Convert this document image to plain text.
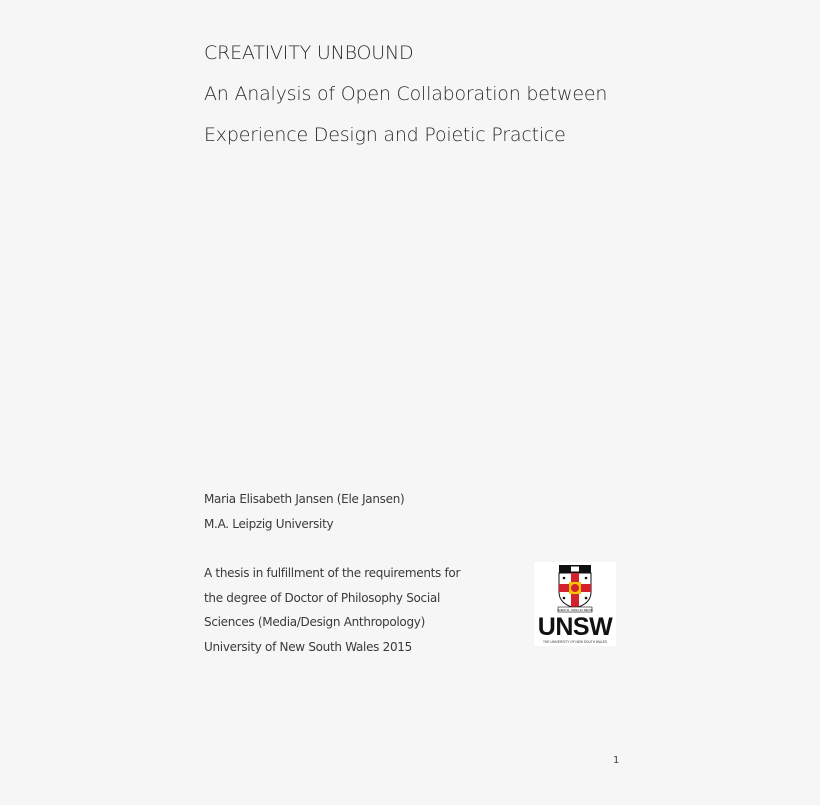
CREATIVITY UNBOUND
An Analysis of Open Collaboration between
Experience Design and Poietic Practice
Maria Elisabeth Jansen (Ele Jansen)
M.A. Leipzig University
A thesis in fulfillment of the requirements for
the degree of Doctor of Philosophy Social
Sciences (Media/Design Anthropology)
University of New South Wales 2015
SCIENTIA · MANU ET MENTE
UNSW
THE UNIVERSITY OF NEW SOUTH WALES
1
